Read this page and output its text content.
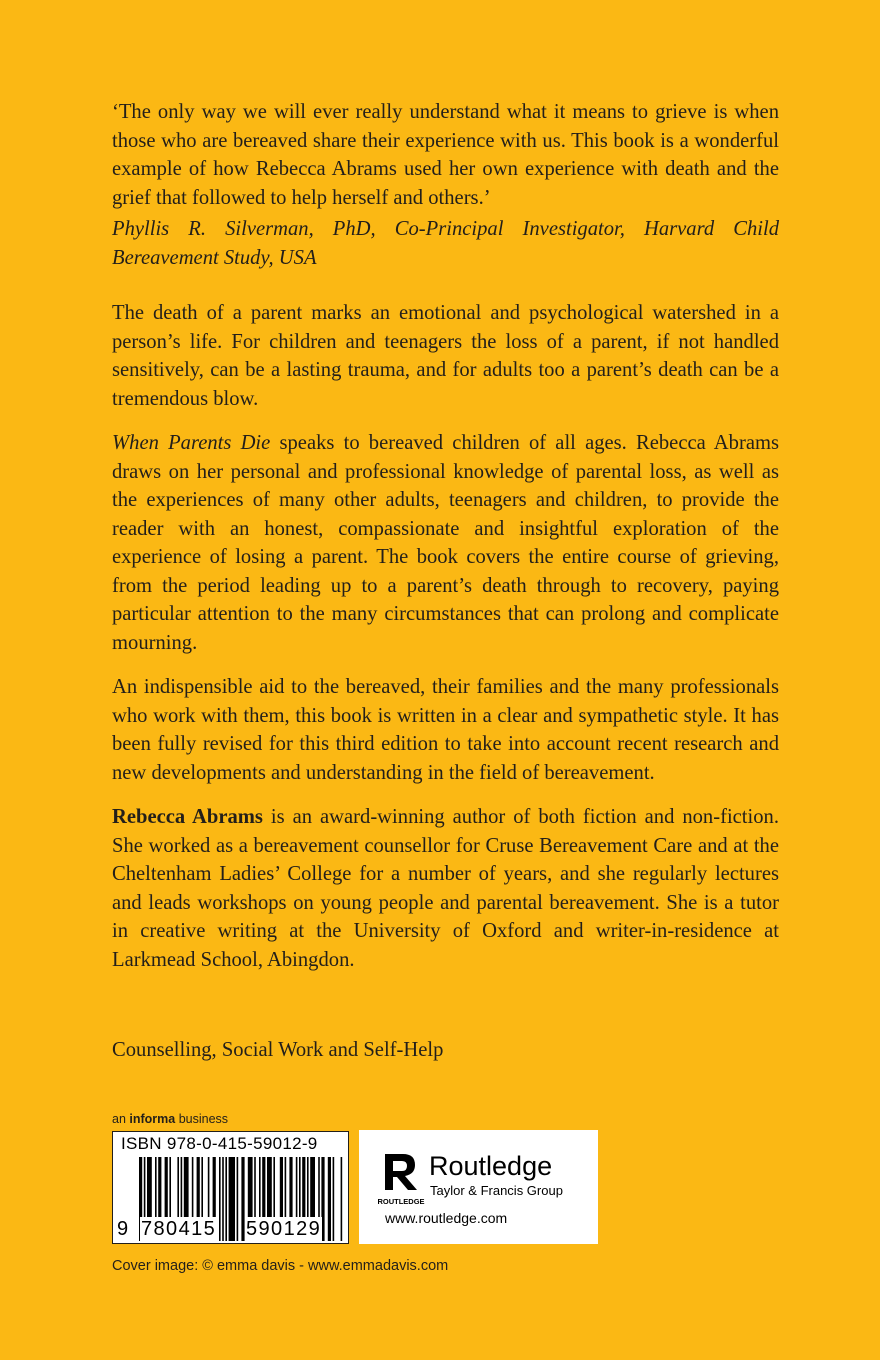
‘The only way we will ever really understand what it means to grieve is when those who are bereaved share their experience with us. This book is a wonderful example of how Rebecca Abrams used her own experience with death and the grief that followed to help herself and others.’

Phyllis R. Silverman, PhD, Co-Principal Investigator, Harvard Child Bereavement Study, USA

The death of a parent marks an emotional and psychological watershed in a person’s life. For children and teenagers the loss of a parent, if not handled sensitively, can be a lasting trauma, and for adults too a parent’s death can be a tremendous blow.

When Parents Die speaks to bereaved children of all ages. Rebecca Abrams draws on her personal and professional knowledge of parental loss, as well as the experiences of many other adults, teenagers and children, to provide the reader with an honest, compassionate and insightful exploration of the experience of losing a parent. The book covers the entire course of grieving, from the period leading up to a parent’s death through to recovery, paying particular attention to the many circumstances that can prolong and complicate mourning.

An indispensible aid to the bereaved, their families and the many professionals who work with them, this book is written in a clear and sympathetic style. It has been fully revised for this third edition to take into account recent research and new developments and understanding in the field of bereavement.

Rebecca Abrams is an award-winning author of both fiction and non-fiction. She worked as a bereavement counsellor for Cruse Bereavement Care and at the Cheltenham Ladies’ College for a number of years, and she regularly lectures and leads workshops on young people and parental bereavement. She is a tutor in creative writing at the University of Oxford and writer-in-residence at Larkmead School, Abingdon.

Counselling, Social Work and Self-Help

an informa business

ISBN 978-0-415-59012-9

9 780415 590129

ROUTLEDGE

Routledge

Taylor & Francis Group

www.routledge.com

Cover image: © emma davis - www.emmadavis.com
